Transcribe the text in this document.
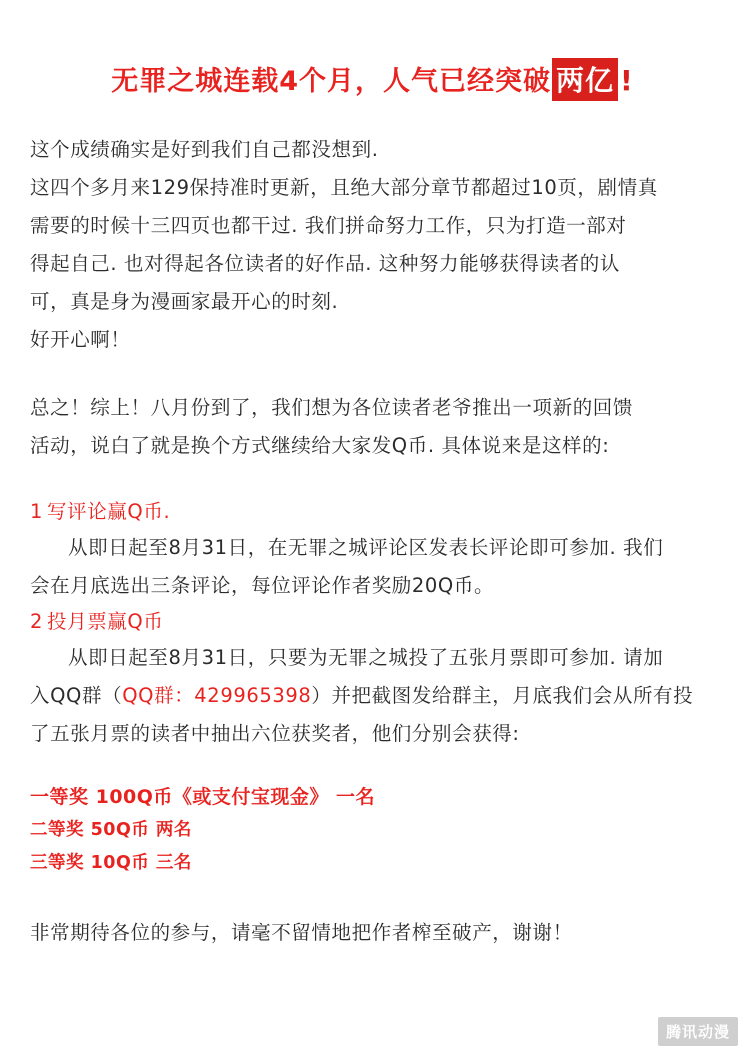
无罪之城连载4个月，人气已经突破 两亿 !
这个成绩确实是好到我们自己都没想到.
这四个多月来129保持准时更新，且绝大部分章节都超过10页，剧情真
需要的时候十三四页也都干过. 我们拼命努力工作，只为打造一部对
得起自己. 也对得起各位读者的好作品. 这种努力能够获得读者的认
可，真是身为漫画家最开心的时刻.
好开心啊！
总之！综上！八月份到了，我们想为各位读者老爷推出一项新的回馈
活动，说白了就是换个方式继续给大家发Q币. 具体说来是这样的:
1 写评论赢Q币.
从即日起至8月31日，在无罪之城评论区发表长评论即可参加. 我们
会在月底选出三条评论，每位评论作者奖励20Q币。
2 投月票赢Q币
从即日起至8月31日，只要为无罪之城投了五张月票即可参加. 请加
入QQ群（QQ群：429965398）并把截图发给群主，月底我们会从所有投
了五张月票的读者中抽出六位获奖者，他们分别会获得:
一等奖 100Q币《或支付宝现金》 一名
二等奖 50Q币 两名
三等奖 10Q币 三名
非常期待各位的参与，请毫不留情地把作者榨至破产，谢谢！
腾讯动漫
